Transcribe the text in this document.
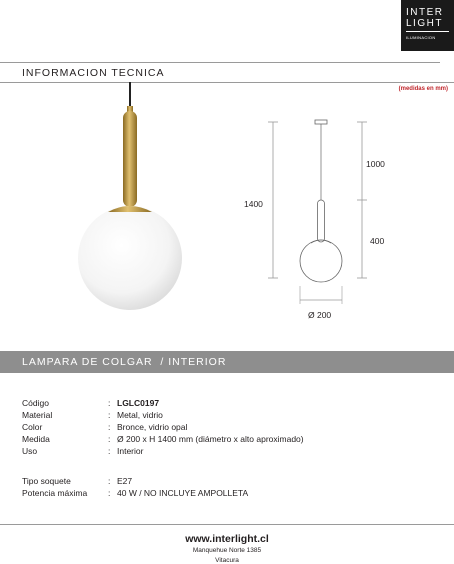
INTER
LIGHT
ILUMINACION
INFORMACION TECNICA
(medidas en mm)
1400
1000
400
Ø 200
LAMPARA DE COLGAR  / INTERIOR
Código	: LGLC0197
Material	: Metal, vidrio
Color	: Bronce, vidrio opal
Medida	: Ø 200 x H 1400 mm (diámetro x alto aproximado)
Uso	: Interior
Tipo soquete	: E27
Potencia máxima : 40 W / NO INCLUYE AMPOLLETA
www.interlight.cl
Manquehue Norte 1385
Vitacura
